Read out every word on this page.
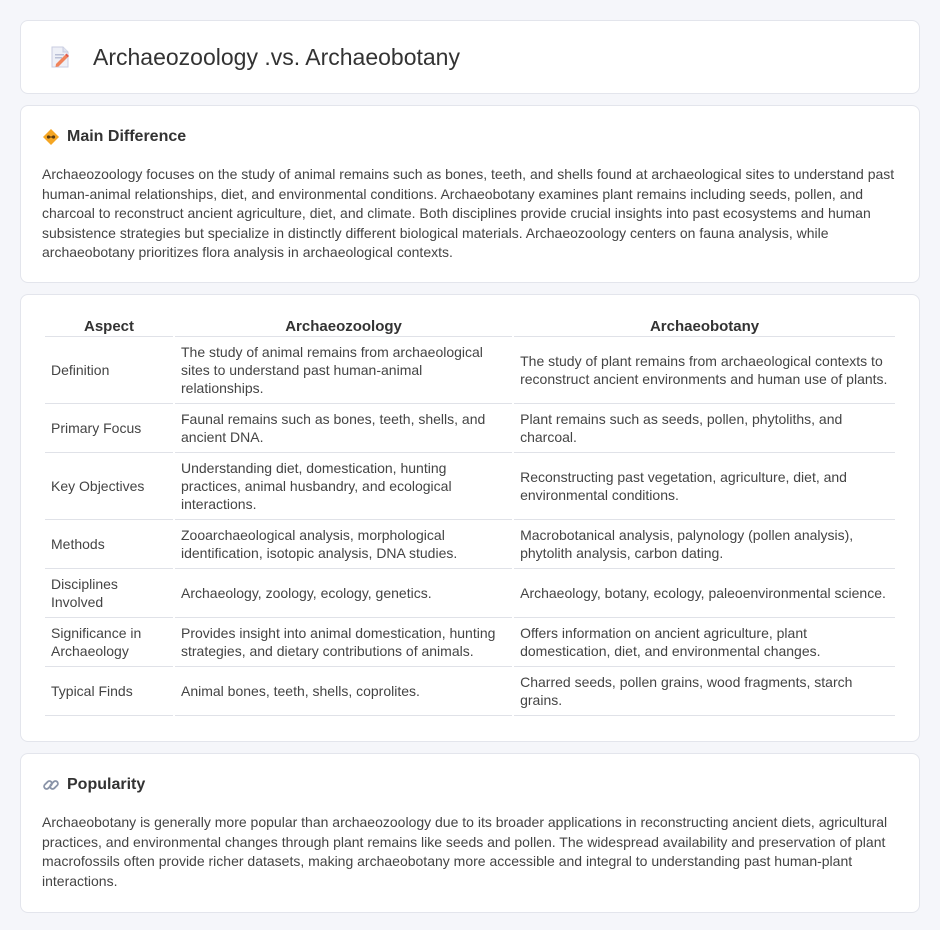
Archaeozoology .vs. Archaeobotany
Main Difference

Archaeozoology focuses on the study of animal remains such as bones, teeth, and shells found at archaeological sites to understand past human-animal relationships, diet, and environmental conditions. Archaeobotany examines plant remains including seeds, pollen, and charcoal to reconstruct ancient agriculture, diet, and climate. Both disciplines provide crucial insights into past ecosystems and human subsistence strategies but specialize in distinctly different biological materials. Archaeozoology centers on fauna analysis, while archaeobotany prioritizes flora analysis in archaeological contexts.

Aspect	Archaeozoology	Archaeobotany
Definition	The study of animal remains from archaeological sites to understand past human-animal relationships.	The study of plant remains from archaeological contexts to reconstruct ancient environments and human use of plants.
Primary Focus	Faunal remains such as bones, teeth, shells, and ancient DNA.	Plant remains such as seeds, pollen, phytoliths, and charcoal.
Key Objectives	Understanding diet, domestication, hunting practices, animal husbandry, and ecological interactions.	Reconstructing past vegetation, agriculture, diet, and environmental conditions.
Methods	Zooarchaeological analysis, morphological identification, isotopic analysis, DNA studies.	Macrobotanical analysis, palynology (pollen analysis), phytolith analysis, carbon dating.
Disciplines Involved	Archaeology, zoology, ecology, genetics.	Archaeology, botany, ecology, paleoenvironmental science.
Significance in Archaeology	Provides insight into animal domestication, hunting strategies, and dietary contributions of animals.	Offers information on ancient agriculture, plant domestication, diet, and environmental changes.
Typical Finds	Animal bones, teeth, shells, coprolites.	Charred seeds, pollen grains, wood fragments, starch grains.
Popularity

Archaeobotany is generally more popular than archaeozoology due to its broader applications in reconstructing ancient diets, agricultural practices, and environmental changes through plant remains like seeds and pollen. The widespread availability and preservation of plant macrofossils often provide richer datasets, making archaeobotany more accessible and integral to understanding past human-plant interactions.
